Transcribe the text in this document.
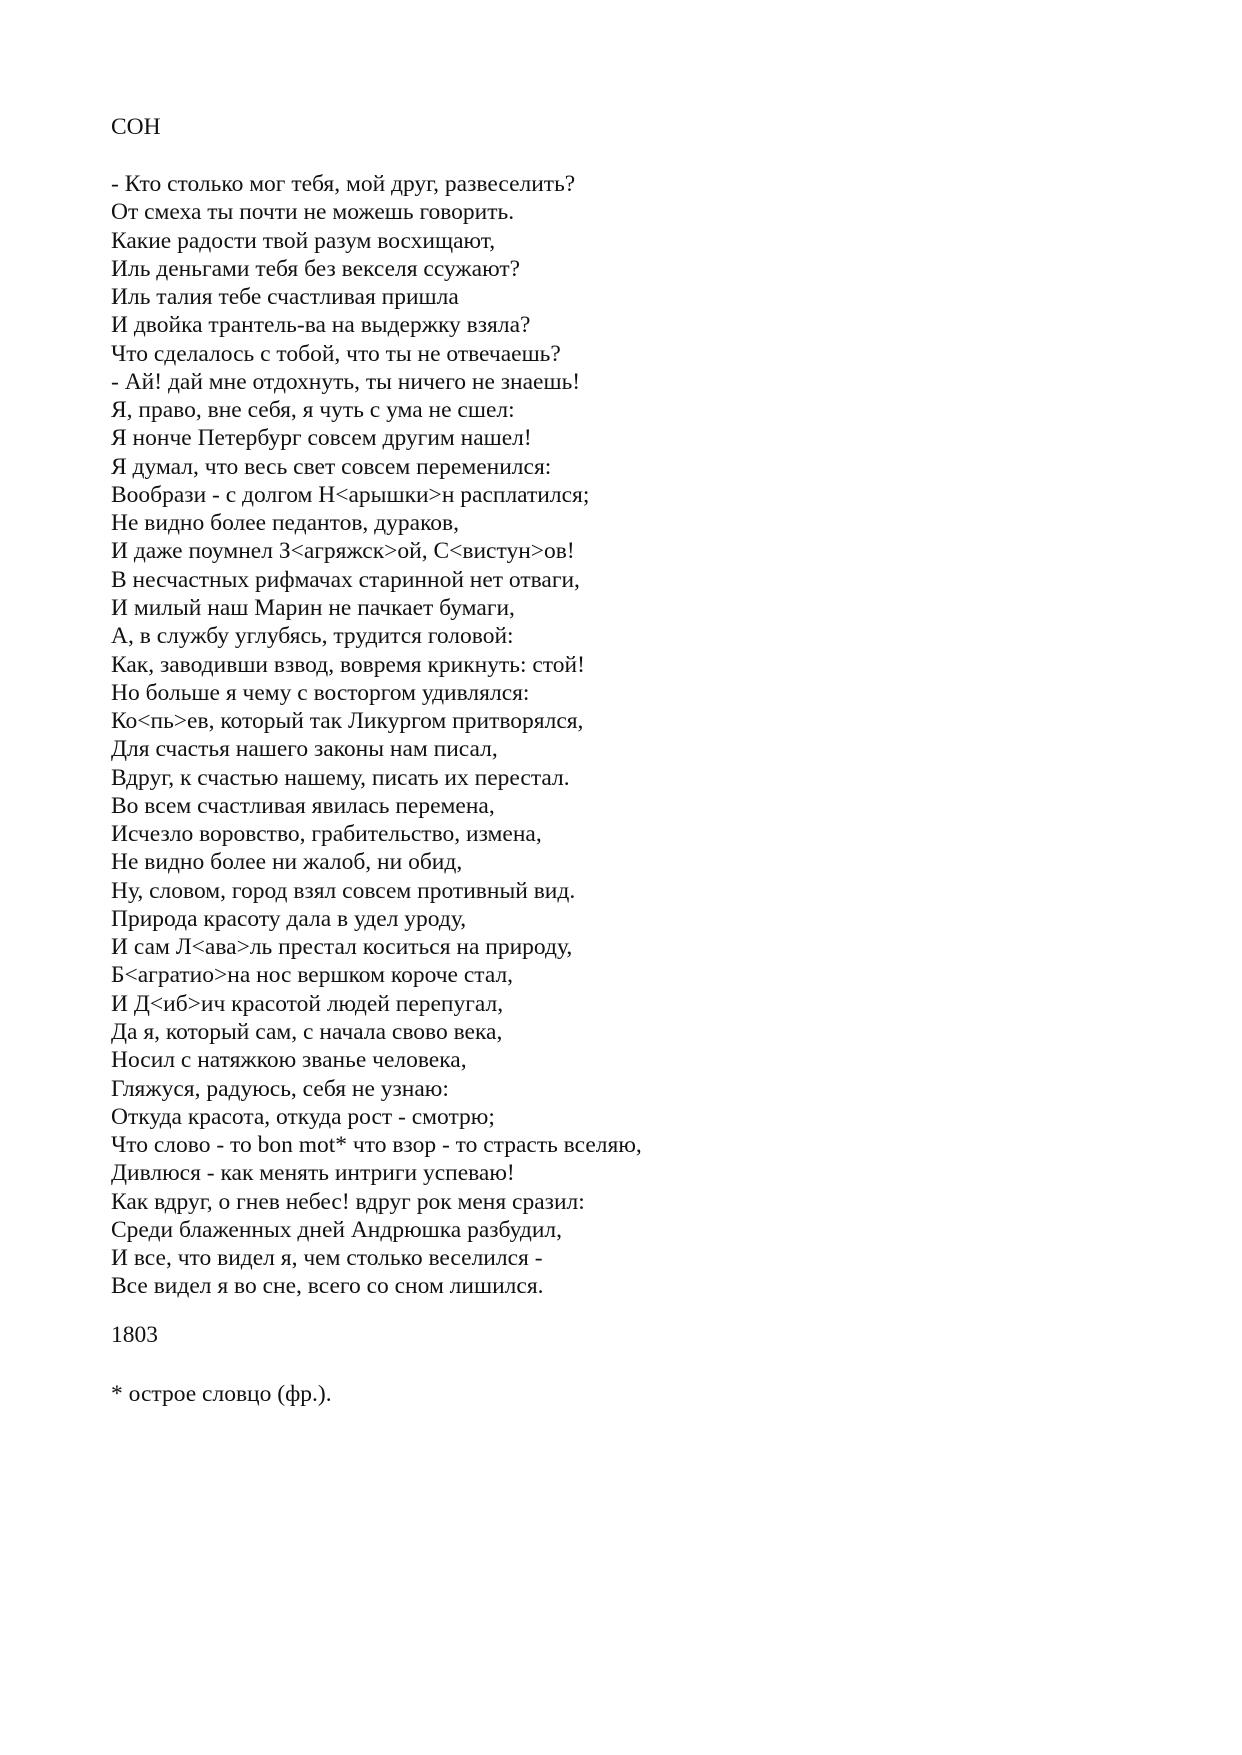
СОН

- Кто столько мог тебя, мой друг, развеселить?
От смеха ты почти не можешь говорить.
Какие радости твой разум восхищают,
Иль деньгами тебя без векселя ссужают?
Иль талия тебе счастливая пришла
И двойка трантель-ва на выдержку взяла?
Что сделалось с тобой, что ты не отвечаешь?
- Ай! дай мне отдохнуть, ты ничего не знаешь!
Я, право, вне себя, я чуть с ума не сшел:
Я нонче Петербург совсем другим нашел!
Я думал, что весь свет совсем переменился:
Вообрази - с долгом Н<арышки>н расплатился;
Не видно более педантов, дураков,
И даже поумнел З<агряжск>ой, С<вистун>ов!
В несчастных рифмачах старинной нет отваги,
И милый наш Марин не пачкает бумаги,
А, в службу углубясь, трудится головой:
Как, заводивши взвод, вовремя крикнуть: стой!
Но больше я чему с восторгом удивлялся:
Ко<пь>ев, который так Ликургом притворялся,
Для счастья нашего законы нам писал,
Вдруг, к счастью нашему, писать их перестал.
Во всем счастливая явилась перемена,
Исчезло воровство, грабительство, измена,
Не видно более ни жалоб, ни обид,
Ну, словом, город взял совсем противный вид.
Природа красоту дала в удел уроду,
И сам Л<ава>ль престал коситься на природу,
Б<агратио>на нос вершком короче стал,
И Д<иб>ич красотой людей перепугал,
Да я, который сам, с начала свово века,
Носил с натяжкою званье человека,
Гляжуся, радуюсь, себя не узнаю:
Откуда красота, откуда рост - смотрю;
Что слово - то bon mot* что взор - то страсть вселяю,
Дивлюся - как менять интриги успеваю!
Как вдруг, о гнев небес! вдруг рок меня сразил:
Среди блаженных дней Андрюшка разбудил,
И все, что видел я, чем столько веселился -
Все видел я во сне, всего со сном лишился.

1803

* острое словцо (фр.).
